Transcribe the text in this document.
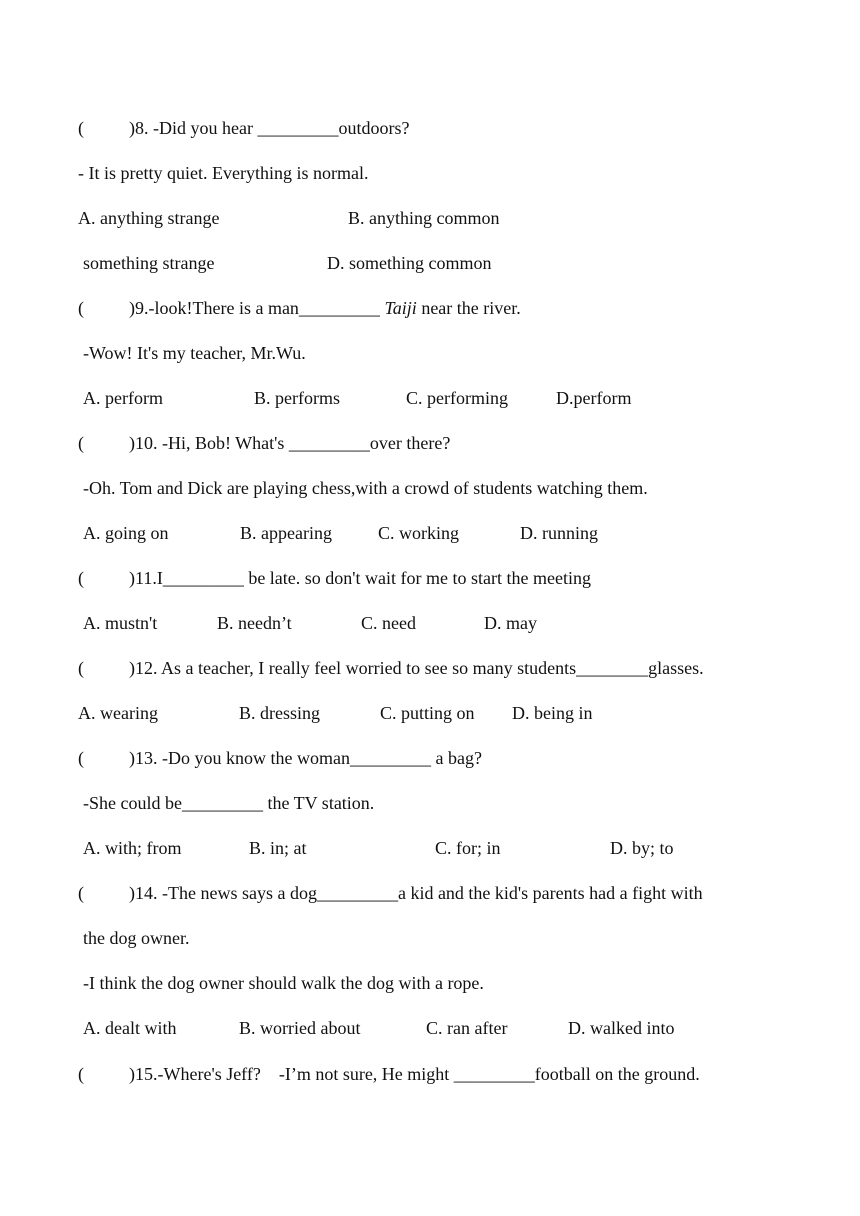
(          )8. -Did you hear _________outdoors?
- It is pretty quiet. Everything is normal.

A. anything strange

	B. anything common

something strange

	D. something common

(          )9.-look!There is a man_________ Taiji near the river.
-Wow! It's my teacher, Mr.Wu.

A. perform

	B. performs

	C. performing

	D.perform

(          )10. -Hi, Bob! What's _________over there?
-Oh. Tom and Dick are playing chess,with a crowd of students watching them.

A. going on

	B. appearing

	C. working

	D. running

(          )11.I_________ be late. so don't wait for me to start the meeting

A. mustn't

	B. needn’t

	C. need

	D. may

(          )12. As a teacher, I really feel worried to see so many students________glasses.

A. wearing

	B. dressing

	C. putting on

D. being in

(          )13. -Do you know the woman_________ a bag?
-She could be_________ the TV station.

A. with; from

	B. in; at

	C. for; in

	D. by; to

(          )14. -The news says a dog_________a kid and the kid's parents had a fight with
the dog owner.
-I think the dog owner should walk the dog with a rope.

A. dealt with

	B. worried about

	C. ran after

	D. walked into

(          )15.-Where's Jeff?    -I’m not sure, He might _________football on the ground.
